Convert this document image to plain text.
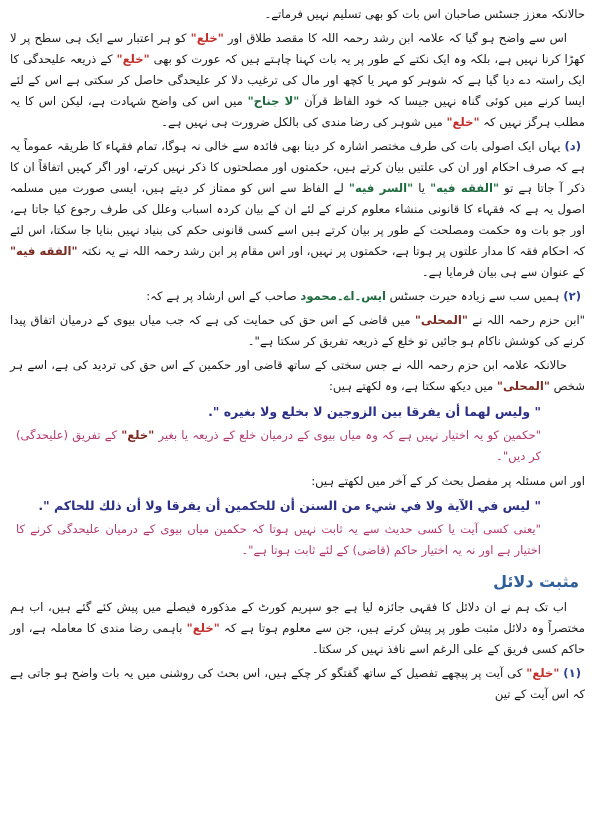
حالانکہ معزز جسٹس صاحبان اس بات کو بھی تسلیم نہیں فرماتے۔

اس سے واضح ہو گیا کہ علامہ ابن رشد رحمہ اللہ کا مقصد طلاق اور "خلع" کو ہر اعتبار سے ایک ہی سطح پر لا کھڑا کرنا نہیں ہے، بلکہ وہ ایک نکتے کے طور پر یہ بات کہنا چاہتے ہیں کہ عورت کو بھی "خلع" کے ذریعہ علیحدگی کا ایک راستہ دے دیا گیا ہے کہ شوہر کو مہر یا کچھ اور مال کی ترغیب دلا کر علیحدگی حاصل کر سکتی ہے اس کے لئے ایسا کرنے میں کوئی گناہ نہیں جیسا کہ خود الفاظ قرآن "لا جناح" میں اس کی واضح شہادت ہے، لیکن اس کا یہ مطلب ہرگز نہیں کہ "خلع" میں شوہر کی رضا مندی کی بالکل ضرورت ہی نہیں ہے۔

(د) یہاں ایک اصولی بات کی طرف مختصر اشارہ کر دینا بھی فائدہ سے خالی نہ ہوگا، تمام فقہاء کا طریقہ عموماً یہ ہے کہ صرف احکام اور ان کی علتیں بیان کرتے ہیں، حکمتوں اور مصلحتوں کا ذکر نہیں کرتے، اور اگر کہیں اتفاقاً ان کا ذکر آ جاتا ہے تو "الفقه فيه" یا "السر فيه" لے الفاظ سے اس کو ممتاز کر دیتے ہیں، ایسی صورت میں مسلمہ اصول یہ ہے کہ فقہاء کا قانونی منشاء معلوم کرنے کے لئے ان کے بیان کردہ اسباب وعلل کی طرف رجوع کیا جاتا ہے، اور جو بات وہ حکمت ومصلحت کے طور پر بیان کرتے ہیں اسے کسی قانونی حکم کی بنیاد نہیں بنایا جا سکتا، اس لئے کہ احکام فقہ کا مدار علتوں پر ہوتا ہے، حکمتوں پر نہیں، اور اس مقام پر ابن رشد رحمہ اللہ نے یہ نکتہ "الفقه فيه" کے عنوان سے ہی بیان فرمایا ہے۔

(۲) ہمیں سب سے زیادہ حیرت جسٹس ایس۔اے۔محمود صاحب کے اس ارشاد پر ہے کہ:

"ابن حزم رحمہ اللہ نے "المحلی" میں قاضی کے اس حق کی حمایت کی ہے کہ جب میاں بیوی کے درمیان اتفاق پیدا کرنے کی کوشش ناکام ہو جائیں تو خلع کے ذریعہ تفریق کر سکتا ہے"۔

حالانکہ علامہ ابن حزم رحمہ اللہ نے جس سختی کے ساتھ قاضی اور حکمین کے اس حق کی تردید کی ہے، اسے ہر شخص "المحلی" میں دیکھ سکتا ہے، وہ لکھتے ہیں:

" وليس لهما أن يفرقا بين الزوجين لا بخلع ولا بغيره ".

"حکمین کو یہ اختیار نہیں ہے کہ وہ میاں بیوی کے درمیان خلع کے ذریعہ یا بغیر "خلع" کے تفریق (علیحدگی) کر دیں"۔

اور اس مسئلہ پر مفصل بحث کر کے آخر میں لکھتے ہیں:

" ليس في الآية ولا في شيء من السنن أن للحكمين أن يفرقا ولا أن ذلك للحاكم ".

"یعنی کسی آیت یا کسی حدیث سے یہ ثابت نہیں ہوتا کہ حکمین میاں بیوی کے درمیان علیحدگی کرنے کا اختیار ہے اور نہ یہ اختیار حاکم (قاضی) کے لئے ثابت ہوتا ہے"۔

مثبت دلائل

اب تک ہم نے ان دلائل کا فقہی جائزہ لیا ہے جو سپریم کورٹ کے مذکورہ فیصلے میں پیش کئے گئے ہیں، اب ہم مختصراً وہ دلائل مثبت طور پر پیش کرتے ہیں، جن سے معلوم ہوتا ہے کہ "خلع" باہمی رضا مندی کا معاملہ ہے، اور حاکم کسی فریق کے علی الرغم اسے نافذ نہیں کر سکتا۔

(۱) "خلع" کی آیت پر پیچھے تفصیل کے ساتھ گفتگو کر چکے ہیں، اس بحث کی روشنی میں یہ بات واضح ہو جاتی ہے کہ اس آیت کے تین
